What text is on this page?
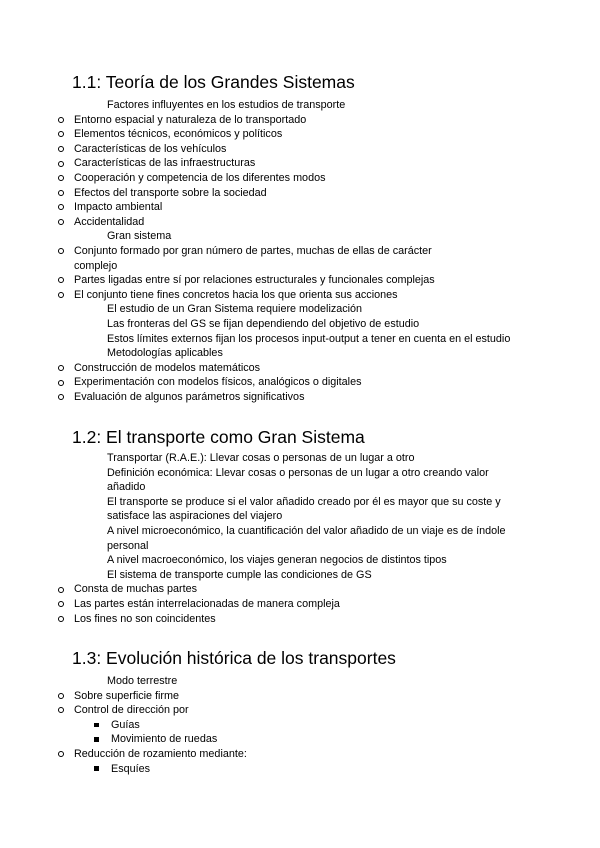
1.1: Teoría de los Grandes Sistemas
Factores influyentes en los estudios de transporte
Entorno espacial y naturaleza de lo transportado
Elementos técnicos, económicos y políticos
Características de los vehículos
Características de las infraestructuras
Cooperación y competencia de los diferentes modos
Efectos del transporte sobre la sociedad
Impacto ambiental
Accidentalidad
Gran sistema
Conjunto formado por gran número de partes, muchas de ellas de carácter complejo
Partes ligadas entre sí por relaciones estructurales y funcionales complejas
El conjunto tiene fines concretos hacia los que orienta sus acciones
El estudio de un Gran Sistema requiere modelización
Las fronteras del GS se fijan dependiendo del objetivo de estudio
Estos límites externos fijan los procesos input-output a tener en cuenta en el estudio
Metodologías aplicables
Construcción de modelos matemáticos
Experimentación con modelos físicos, analógicos o digitales
Evaluación de algunos parámetros significativos
1.2: El transporte como Gran Sistema
Transportar (R.A.E.): Llevar cosas o personas de un lugar a otro
Definición económica: Llevar cosas o personas de un lugar a otro creando valor añadido
El transporte se produce si el valor añadido creado por él es mayor que su coste y satisface las aspiraciones del viajero
A nivel microeconómico, la cuantificación del valor añadido de un viaje es de índole personal
A nivel macroeconómico, los viajes generan negocios de distintos tipos
El sistema de transporte cumple las condiciones de GS
Consta de muchas partes
Las partes están interrelacionadas de manera compleja
Los fines no son coincidentes
1.3: Evolución histórica de los transportes
Modo terrestre
Sobre superficie firme
Control de dirección por
Guías
Movimiento de ruedas
Reducción de rozamiento mediante:
Esquíes
